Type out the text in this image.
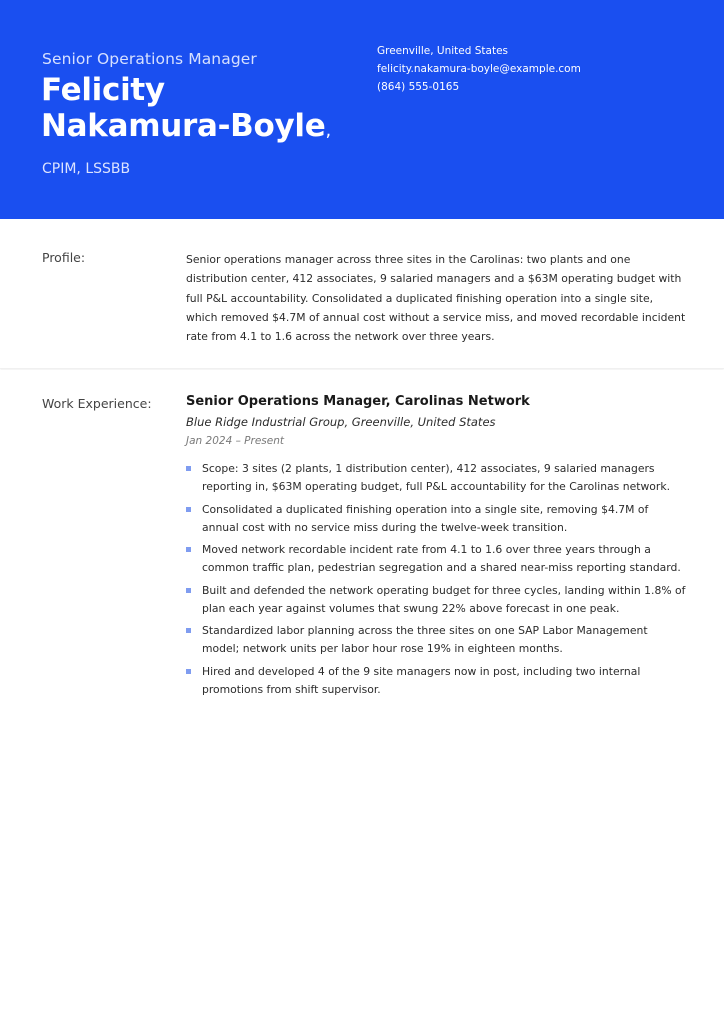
Senior Operations Manager
Felicity Nakamura-Boyle,
CPIM, LSSBB
Greenville, United States
felicity.nakamura-boyle@example.com
(864) 555-0165
Profile:	Senior operations manager across three sites in the Carolinas: two plants and one distribution center, 412 associates, 9 salaried managers and a $63M operating budget with full P&L accountability. Consolidated a duplicated finishing operation into a single site, which removed $4.7M of annual cost without a service miss, and moved recordable incident rate from 4.1 to 1.6 across the network over three years.

Work Experience:	Senior Operations Manager, Carolinas Network
Blue Ridge Industrial Group, Greenville, United States
Jan 2024 – Present
Scope: 3 sites (2 plants, 1 distribution center), 412 associates, 9 salaried managers reporting in, $63M operating budget, full P&L accountability for the Carolinas network.
Consolidated a duplicated finishing operation into a single site, removing $4.7M of annual cost with no service miss during the twelve-week transition.
Moved network recordable incident rate from 4.1 to 1.6 over three years through a common traffic plan, pedestrian segregation and a shared near-miss reporting standard.
Built and defended the network operating budget for three cycles, landing within 1.8% of plan each year against volumes that swung 22% above forecast in one peak.
Standardized labor planning across the three sites on one SAP Labor Management model; network units per labor hour rose 19% in eighteen months.
Hired and developed 4 of the 9 site managers now in post, including two internal promotions from shift supervisor.
